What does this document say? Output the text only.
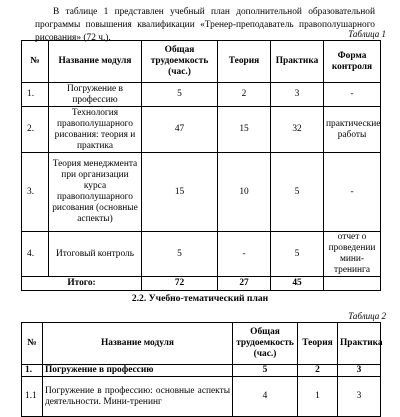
В таблице 1 представлен учебный план дополнительной образовательной программы повышения квалификации «Тренер-преподаватель правополушарного рисования» (72 ч.).	Таблица 1
№	Название модуля	Общая трудоемкость (час.)	Теория	Практика	Форма контроля
1.	Погружение в профессию	5	2	3	-
2.	Технология правополушарного рисования: теория и практика	47	15	32	практические работы
3.	Теория менеджмента при организации курса правополушарного рисования (основные аспекты)	15	10	5	-
4.	Итоговый контроль	5	-	5	отчет о проведении мини-тренинга
Итого:		72	27	45	
2.2. Учебно-тематический план
Таблица 2
№	Название модуля	Общая трудоемкость (час.)	Теория	Практика
1.	Погружение в профессию	5	2	3
1.1	Погружение в профессию: основные аспекты деятельности. Мини-тренинг	4	1	3
